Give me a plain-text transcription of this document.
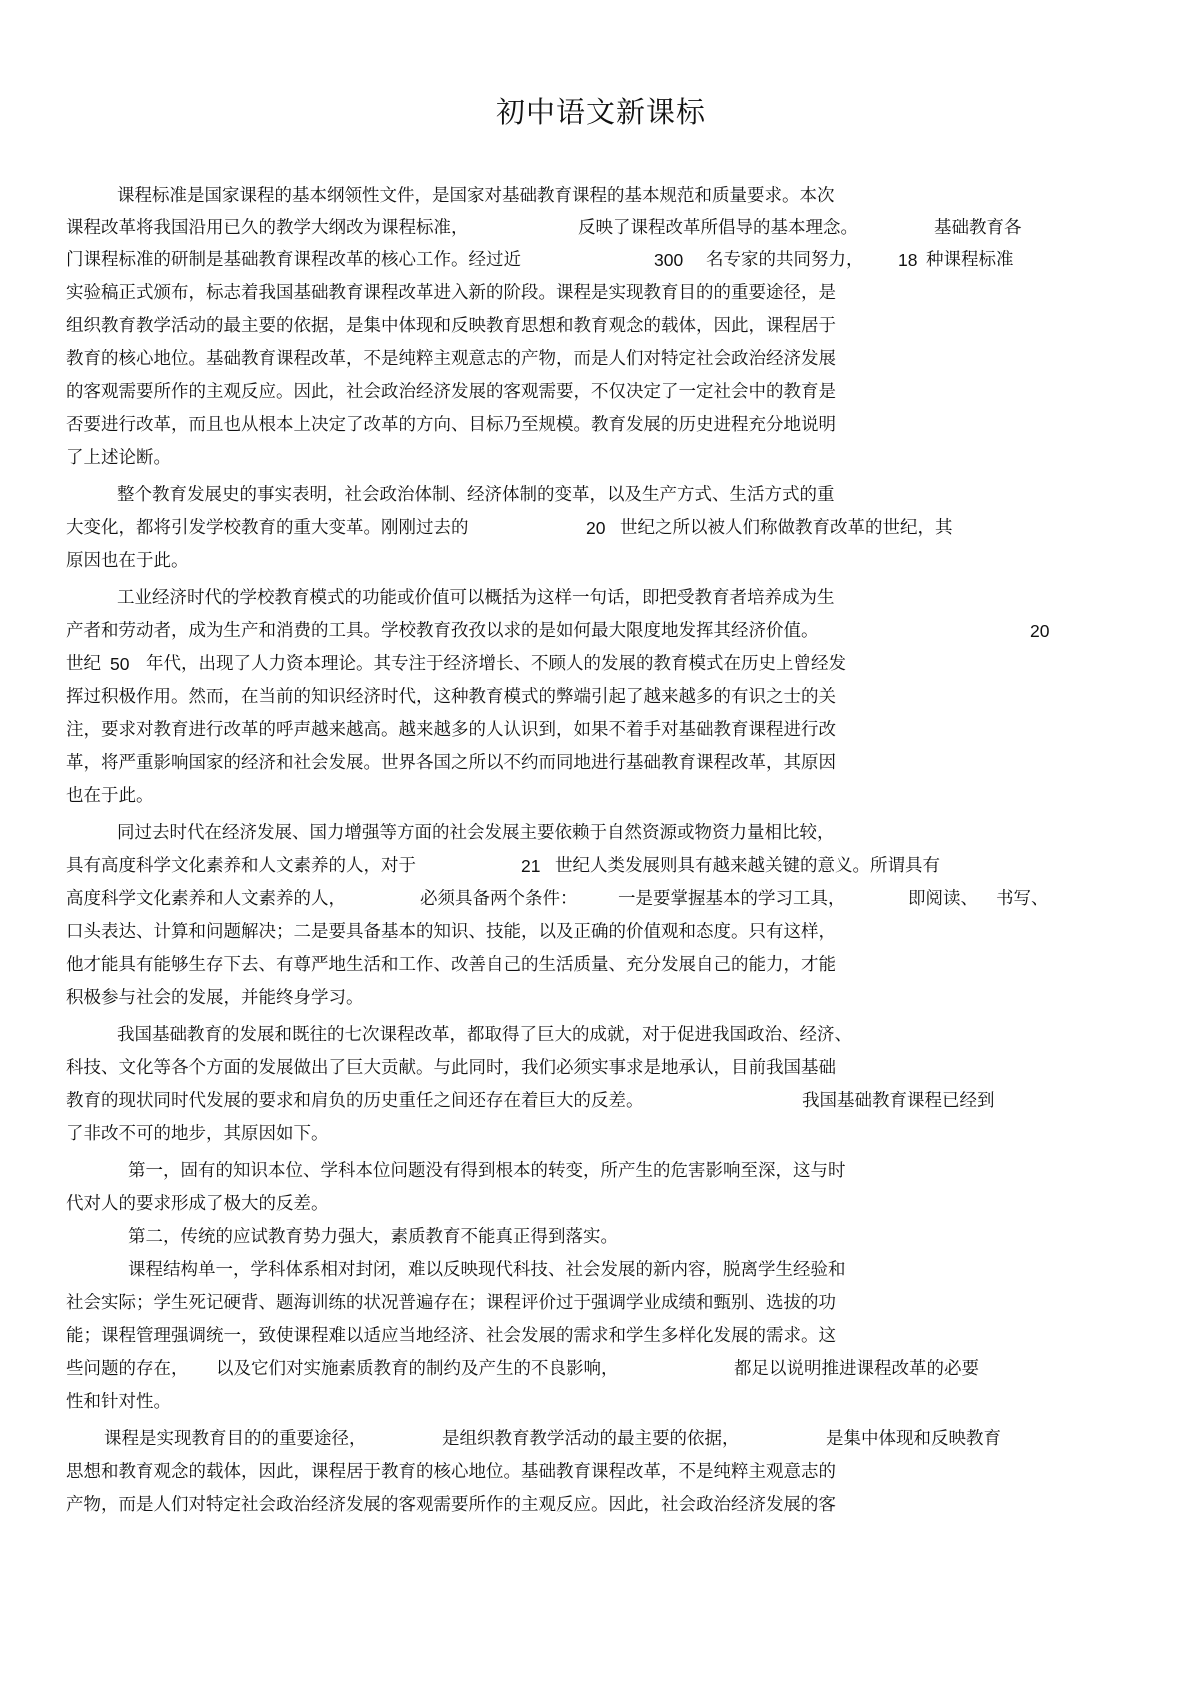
初中语文新课标
课程标准是国家课程的基本纲领性文件，是国家对基础教育课程的基本规范和质量要求。本次
课程改革将我国沿用已久的教学大纲改为课程标准，	反映了课程改革所倡导的基本理念。	基础教育各
门课程标准的研制是基础教育课程改革的核心工作。经过近	300 名专家的共同努力， 18 种课程标准
实验稿正式颁布，标志着我国基础教育课程改革进入新的阶段。课程是实现教育目的的重要途径，是
组织教育教学活动的最主要的依据，是集中体现和反映教育思想和教育观念的载体，因此，课程居于
教育的核心地位。基础教育课程改革，不是纯粹主观意志的产物，而是人们对特定社会政治经济发展
的客观需要所作的主观反应。因此，社会政治经济发展的客观需要，不仅决定了一定社会中的教育是
否要进行改革，而且也从根本上决定了改革的方向、目标乃至规模。教育发展的历史进程充分地说明
了上述论断。
整个教育发展史的事实表明，社会政治体制、经济体制的变革，以及生产方式、生活方式的重
大变化，都将引发学校教育的重大变革。刚刚过去的	20 世纪之所以被人们称做教育改革的世纪，其
原因也在于此。
工业经济时代的学校教育模式的功能或价值可以概括为这样一句话，即把受教育者培养成为生
产者和劳动者，成为生产和消费的工具。学校教育孜孜以求的是如何最大限度地发挥其经济价值。	20
世纪 50 年代，出现了人力资本理论。其专注于经济增长、不顾人的发展的教育模式在历史上曾经发
挥过积极作用。然而，在当前的知识经济时代，这种教育模式的弊端引起了越来越多的有识之士的关
注，要求对教育进行改革的呼声越来越高。越来越多的人认识到，如果不着手对基础教育课程进行改
革，将严重影响国家的经济和社会发展。世界各国之所以不约而同地进行基础教育课程改革，其原因
也在于此。
同过去时代在经济发展、国力增强等方面的社会发展主要依赖于自然资源或物资力量相比较，
具有高度科学文化素养和人文素养的人，对于	21 世纪人类发展则具有越来越关键的意义。所谓具有
高度科学文化素养和人文素养的人，	必须具备两个条件： 一是要掌握基本的学习工具，	即阅读、 书写、
口头表达、计算和问题解决；二是要具备基本的知识、技能，以及正确的价值观和态度。只有这样，
他才能具有能够生存下去、有尊严地生活和工作、改善自己的生活质量、充分发展自己的能力，才能
积极参与社会的发展，并能终身学习。
我国基础教育的发展和既往的七次课程改革，都取得了巨大的成就，对于促进我国政治、经济、
科技、文化等各个方面的发展做出了巨大贡献。与此同时，我们必须实事求是地承认，目前我国基础
教育的现状同时代发展的要求和肩负的历史重任之间还存在着巨大的反差。	我国基础教育课程已经到
了非改不可的地步，其原因如下。
第一，固有的知识本位、学科本位问题没有得到根本的转变，所产生的危害影响至深，这与时
代对人的要求形成了极大的反差。
第二，传统的应试教育势力强大，素质教育不能真正得到落实。
课程结构单一，学科体系相对封闭，难以反映现代科技、社会发展的新内容，脱离学生经验和
社会实际；学生死记硬背、题海训练的状况普遍存在；课程评价过于强调学业成绩和甄别、选拔的功
能；课程管理强调统一，致使课程难以适应当地经济、社会发展的需求和学生多样化发展的需求。这
些问题的存在， 以及它们对实施素质教育的制约及产生的不良影响，	都足以说明推进课程改革的必要
性和针对性。
课程是实现教育目的的重要途径，	是组织教育教学活动的最主要的依据，	是集中体现和反映教育
思想和教育观念的载体，因此，课程居于教育的核心地位。基础教育课程改革，不是纯粹主观意志的
产物，而是人们对特定社会政治经济发展的客观需要所作的主观反应。因此，社会政治经济发展的客
